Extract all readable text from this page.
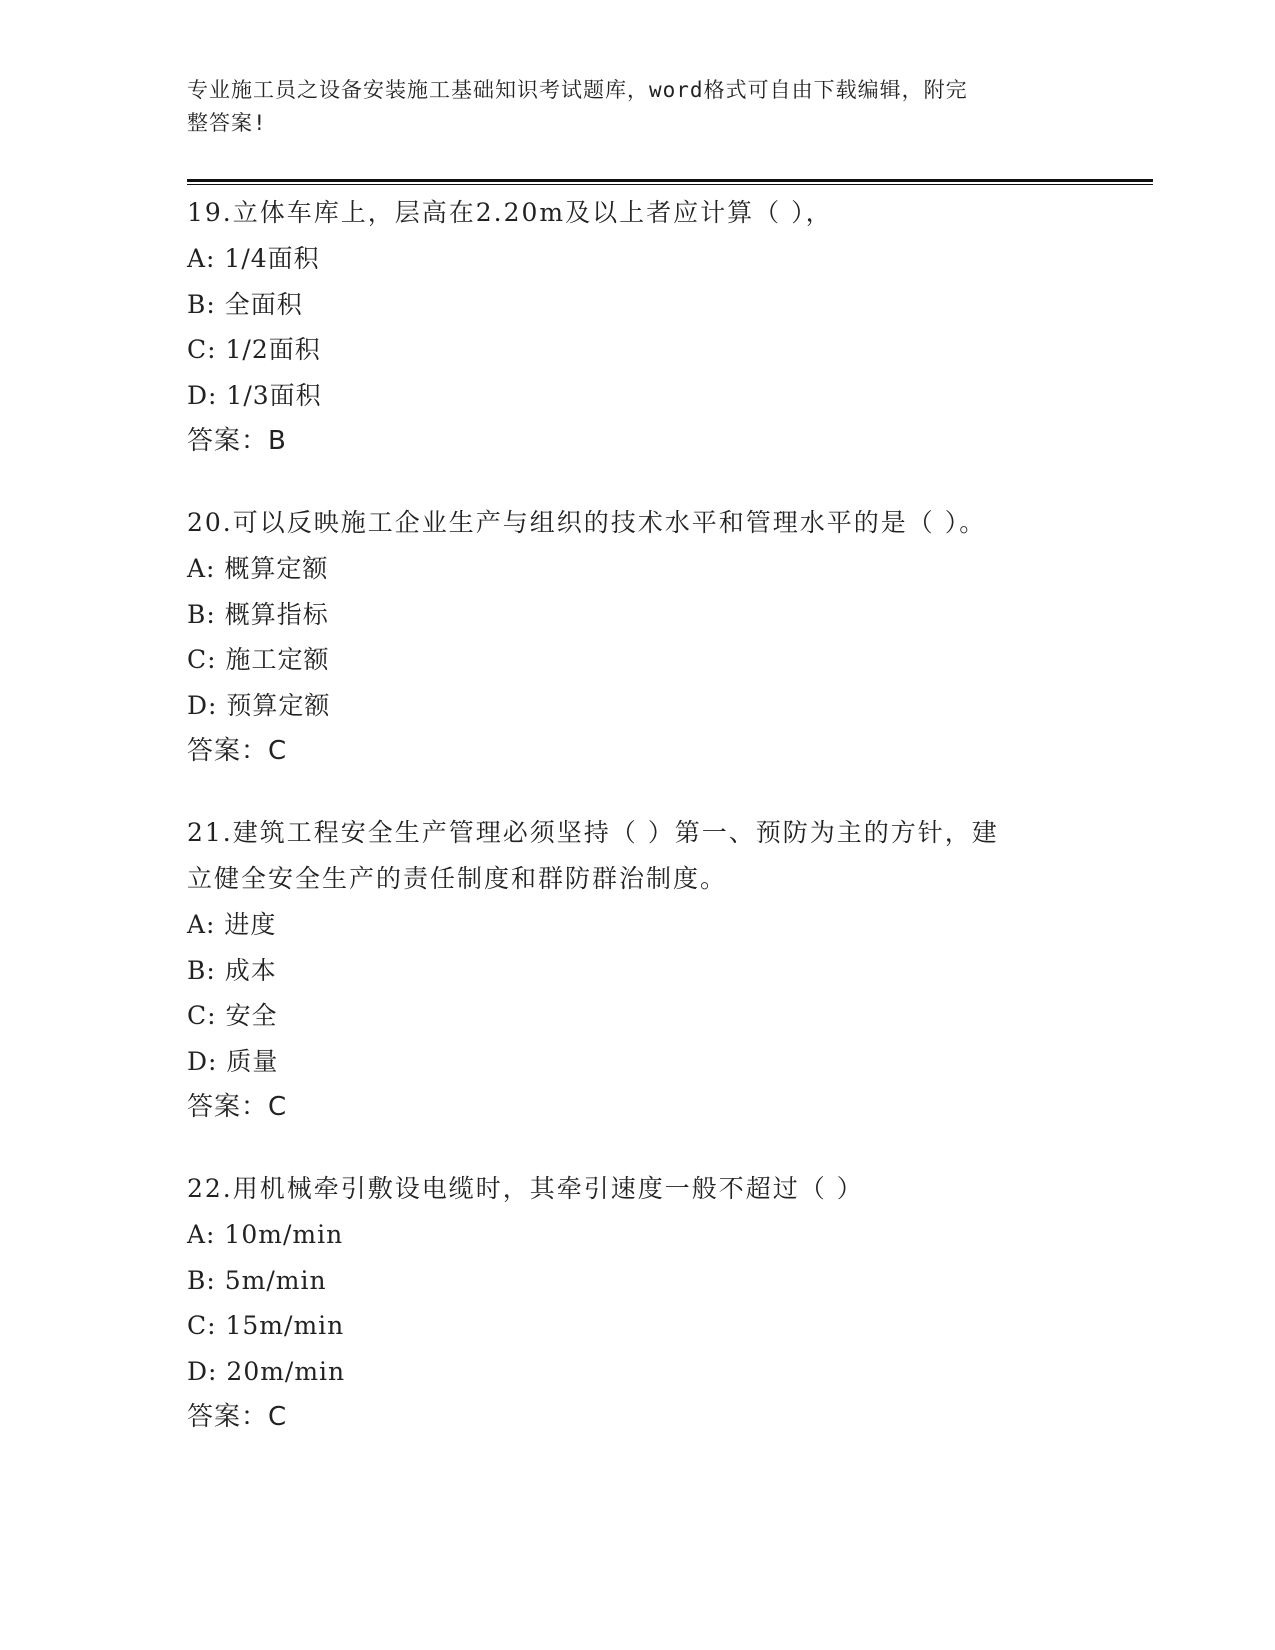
专业施工员之设备安装施工基础知识考试题库，word格式可自由下载编辑，附完
整答案!

19.立体车库上，层高在2.20m及以上者应计算（ ），

A: 1/4面积

B: 全面积

C: 1/2面积

D: 1/3面积

答案：B

20.可以反映施工企业生产与组织的技术水平和管理水平的是（ ）。

A: 概算定额

B: 概算指标

C: 施工定额

D: 预算定额

答案：C

21.建筑工程安全生产管理必须坚持（ ）第一、预防为主的方针，建

立健全安全生产的责任制度和群防群治制度。

A: 进度

B: 成本

C: 安全

D: 质量

答案：C

22.用机械牵引敷设电缆时，其牵引速度一般不超过（ ）

A: 10m/min

B: 5m/min

C: 15m/min

D: 20m/min

答案：C
